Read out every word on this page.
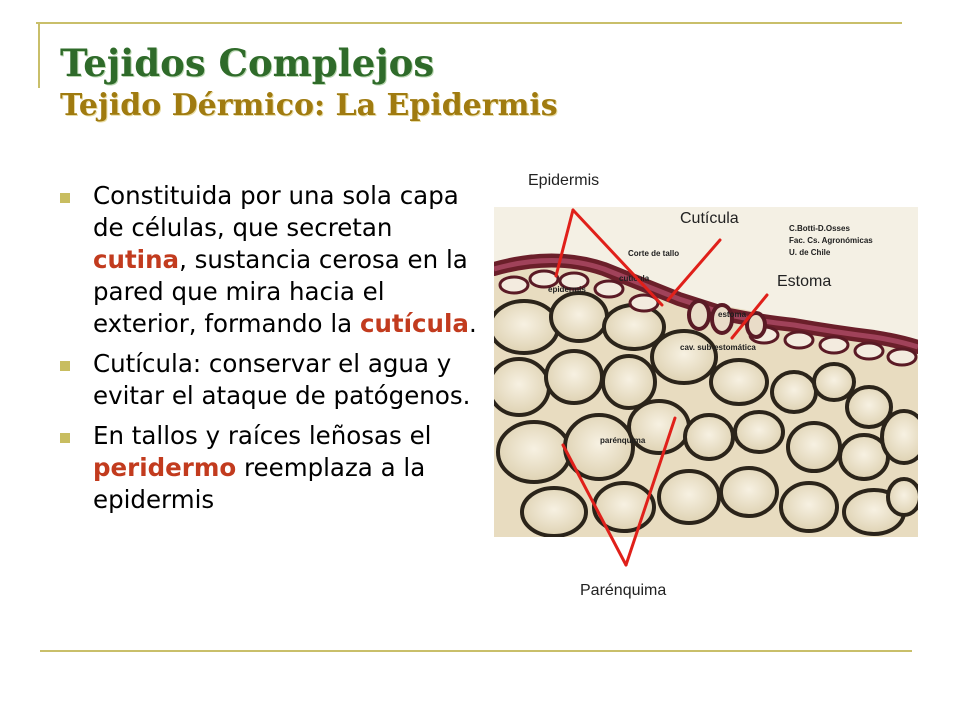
Tejidos Complejos
Tejido Dérmico: La Epidermis
Constituida por una sola capa de células, que secretan cutina, sustancia cerosa en la pared que mira hacia el exterior, formando la cutícula.
Cutícula: conservar el agua y evitar el ataque de patógenos.
En tallos y raíces leñosas el peridermo reemplaza a la epidermis
C.Botti-D.Osses
Fac. Cs. Agronómicas
U. de Chile
Corte de tallo
epidermis
cutícula
estoma
cav. sub-estomática
parénquima
Epidermis
Cutícula
Estoma
Parénquima
